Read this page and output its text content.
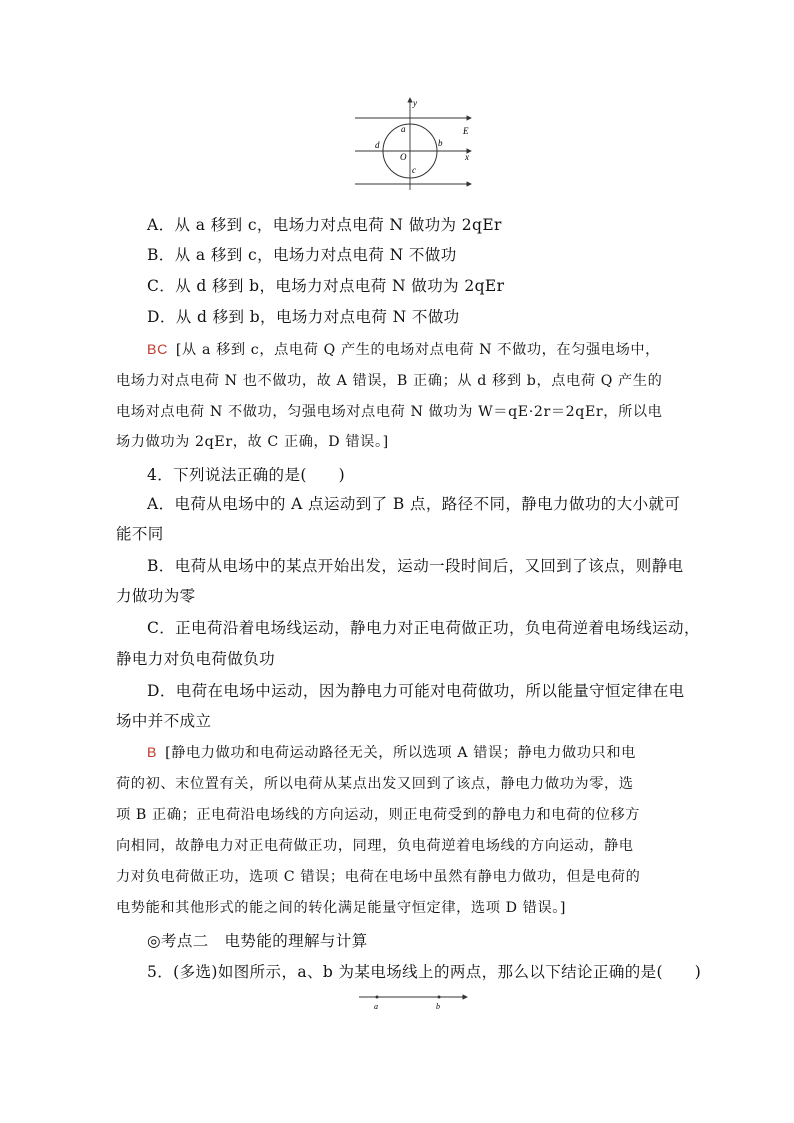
y
x
E
a
b
c
d
O
A．从 a 移到 c，电场力对点电荷 N 做功为 2qEr
B．从 a 移到 c，电场力对点电荷 N 不做功
C．从 d 移到 b，电场力对点电荷 N 做功为 2qEr
D．从 d 移到 b，电场力对点电荷 N 不做功
BC [从 a 移到 c，点电荷 Q 产生的电场对点电荷 N 不做功，在匀强电场中，
电场力对点电荷 N 也不做功，故 A 错误，B 正确；从 d 移到 b，点电荷 Q 产生的
电场对点电荷 N 不做功，匀强电场对点电荷 N 做功为 W＝qE·2r＝2qEr，所以电
场力做功为 2qEr，故 C 正确，D 错误。]
4．下列说法正确的是(　　)
A．电荷从电场中的 A 点运动到了 B 点，路径不同，静电力做功的大小就可
能不同
B．电荷从电场中的某点开始出发，运动一段时间后，又回到了该点，则静电
力做功为零
C．正电荷沿着电场线运动，静电力对正电荷做正功，负电荷逆着电场线运动，
静电力对负电荷做负功
D．电荷在电场中运动，因为静电力可能对电荷做功，所以能量守恒定律在电
场中并不成立
B [静电力做功和电荷运动路径无关，所以选项 A 错误；静电力做功只和电
荷的初、末位置有关，所以电荷从某点出发又回到了该点，静电力做功为零，选
项 B 正确；正电荷沿电场线的方向运动，则正电荷受到的静电力和电荷的位移方
向相同，故静电力对正电荷做正功，同理，负电荷逆着电场线的方向运动，静电
力对负电荷做正功，选项 C 错误；电荷在电场中虽然有静电力做功，但是电荷的
电势能和其他形式的能之间的转化满足能量守恒定律，选项 D 错误。]
◎考点二　电势能的理解与计算
5．(多选)如图所示，a、b 为某电场线上的两点，那么以下结论正确的是(　　)
a	b
